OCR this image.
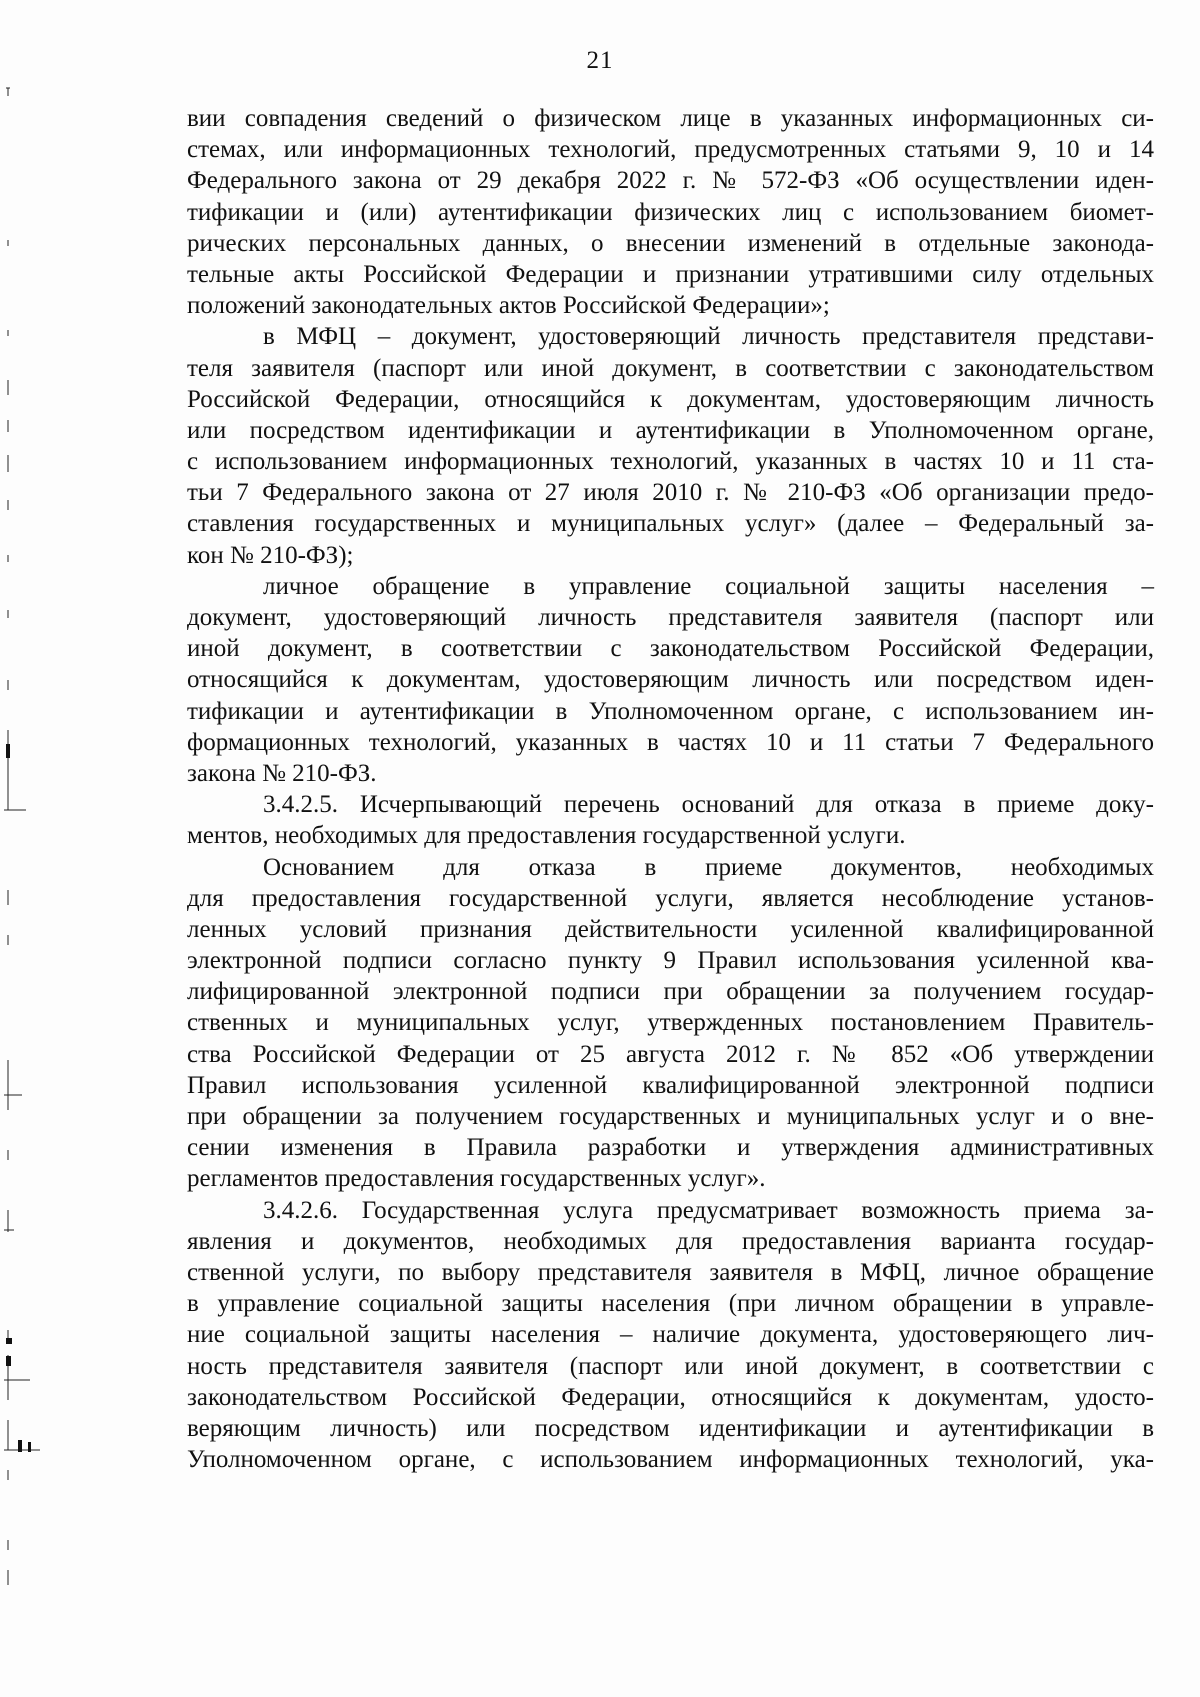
21
вии совпадения сведений о физическом лице в указанных информационных си-
стемах, или информационных технологий, предусмотренных статьями 9, 10 и 14
Федерального закона от 29 декабря 2022 г. № 572-ФЗ «Об осуществлении иден-
тификации и (или) аутентификации физических лиц с использованием биомет-
рических персональных данных, о внесении изменений в отдельные законода-
тельные акты Российской Федерации и признании утратившими силу отдельных
положений законодательных актов Российской Федерации»;
в МФЦ – документ, удостоверяющий личность представителя представи-
теля заявителя (паспорт или иной документ, в соответствии с законодательством
Российской Федерации, относящийся к документам, удостоверяющим личность
или посредством идентификации и аутентификации в Уполномоченном органе,
с использованием информационных технологий, указанных в частях 10 и 11 ста-
тьи 7 Федерального закона от 27 июля 2010 г. № 210-ФЗ «Об организации предо-
ставления государственных и муниципальных услуг» (далее – Федеральный за-
кон № 210-ФЗ);
личное обращение в управление социальной защиты населения –
документ, удостоверяющий личность представителя заявителя (паспорт или
иной документ, в соответствии с законодательством Российской Федерации,
относящийся к документам, удостоверяющим личность или посредством иден-
тификации и аутентификации в Уполномоченном органе, с использованием ин-
формационных технологий, указанных в частях 10 и 11 статьи 7 Федерального
закона № 210-ФЗ.
3.4.2.5. Исчерпывающий перечень оснований для отказа в приеме доку-
ментов, необходимых для предоставления государственной услуги.
Основанием для отказа в приеме документов, необходимых
для предоставления государственной услуги, является несоблюдение установ-
ленных условий признания действительности усиленной квалифицированной
электронной подписи согласно пункту 9 Правил использования усиленной ква-
лифицированной электронной подписи при обращении за получением государ-
ственных и муниципальных услуг, утвержденных постановлением Правитель-
ства Российской Федерации от 25 августа 2012 г. № 852 «Об утверждении
Правил использования усиленной квалифицированной электронной подписи
при обращении за получением государственных и муниципальных услуг и о вне-
сении изменения в Правила разработки и утверждения административных
регламентов предоставления государственных услуг».
3.4.2.6. Государственная услуга предусматривает возможность приема за-
явления и документов, необходимых для предоставления варианта государ-
ственной услуги, по выбору представителя заявителя в МФЦ, личное обращение
в управление социальной защиты населения (при личном обращении в управле-
ние социальной защиты населения – наличие документа, удостоверяющего лич-
ность представителя заявителя (паспорт или иной документ, в соответствии с
законодательством Российской Федерации, относящийся к документам, удосто-
веряющим личность) или посредством идентификации и аутентификации в
Уполномоченном органе, с использованием информационных технологий, ука-
